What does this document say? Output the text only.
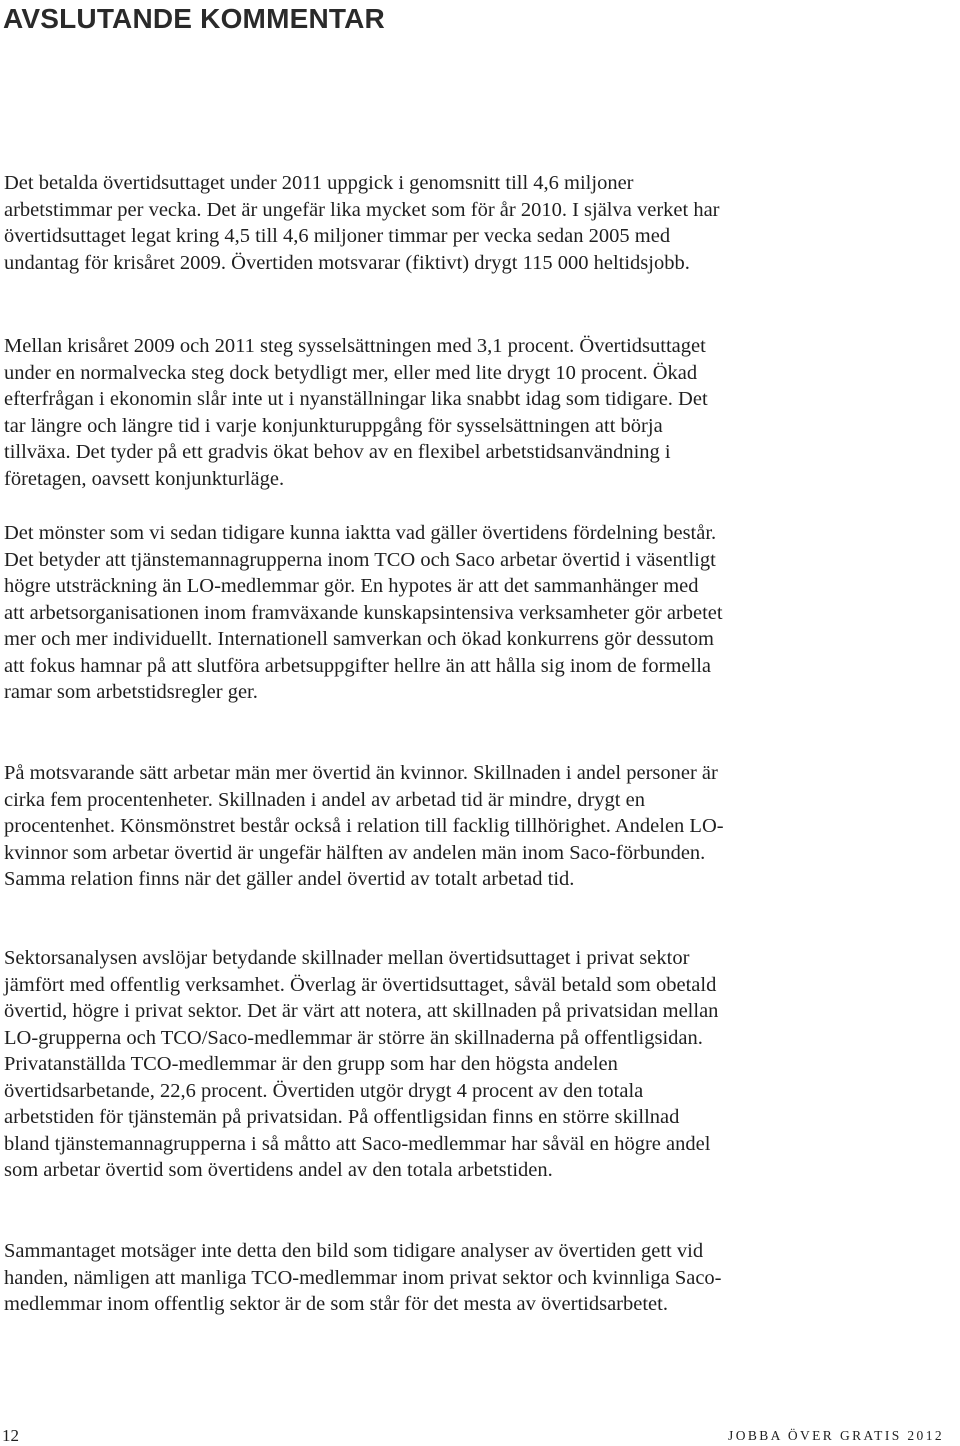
AVSLUTANDE KOMMENTAR

Det betalda övertidsuttaget under 2011 uppgick i genomsnitt till 4,6 miljoner arbetstimmar per vecka. Det är ungefär lika mycket som för år 2010. I själva verket har övertidsuttaget legat kring 4,5 till 4,6 miljoner timmar per vecka sedan 2005 med undantag för krisåret 2009. Övertiden motsvarar (fiktivt) drygt 115 000 heltidsjobb.

Mellan krisåret 2009 och 2011 steg sysselsättningen med 3,1 procent. Övertidsuttaget under en normalvecka steg dock betydligt mer, eller med lite drygt 10 procent. Ökad efterfrågan i ekonomin slår inte ut i nyanställningar lika snabbt idag som tidigare. Det tar längre och längre tid i varje konjunkturuppgång för sysselsättningen att börja tillväxa. Det tyder på ett gradvis ökat behov av en flexibel arbetstidsanvändning i företagen, oavsett konjunkturläge.

Det mönster som vi sedan tidigare kunna iaktta vad gäller övertidens fördelning består. Det betyder att tjänstemannagrupperna inom TCO och Saco arbetar övertid i väsentligt högre utsträckning än LO-medlemmar gör. En hypotes är att det sammanhänger med att arbetsorganisationen inom framväxande kunskapsintensiva verksamheter gör arbetet mer och mer individuellt. Internationell samverkan och ökad konkurrens gör dessutom att fokus hamnar på att slutföra arbetsuppgifter hellre än att hålla sig inom de formella ramar som arbetstidsregler ger.

På motsvarande sätt arbetar män mer övertid än kvinnor. Skillnaden i andel personer är cirka fem procentenheter. Skillnaden i andel av arbetad tid är mindre, drygt en procentenhet. Könsmönstret består också i relation till facklig tillhörighet. Andelen LO-kvinnor som arbetar övertid är ungefär hälften av andelen män inom Saco-förbunden. Samma relation finns när det gäller andel övertid av totalt arbetad tid.

Sektorsanalysen avslöjar betydande skillnader mellan övertidsuttaget i privat sektor jämfört med offentlig verksamhet. Överlag är övertidsuttaget, såväl betald som obetald övertid, högre i privat sektor. Det är värt att notera, att skillnaden på privatsidan mellan LO-grupperna och TCO/Saco-medlemmar är större än skillnaderna på offentligsidan. Privatanställda TCO-medlemmar är den grupp som har den högsta andelen övertidsarbetande, 22,6 procent. Övertiden utgör drygt 4 procent av den totala arbetstiden för tjänstemän på privatsidan. På offentligsidan finns en större skillnad bland tjänstemannagrupperna i så måtto att Saco-medlemmar har såväl en högre andel som arbetar övertid som övertidens andel av den totala arbetstiden.

Sammantaget motsäger inte detta den bild som tidigare analyser av övertiden gett vid handen, nämligen att manliga TCO-medlemmar inom privat sektor och kvinnliga Saco-medlemmar inom offentlig sektor är de som står för det mesta av övertidsarbetet.

12	JOBBA ÖVER GRATIS 2012
